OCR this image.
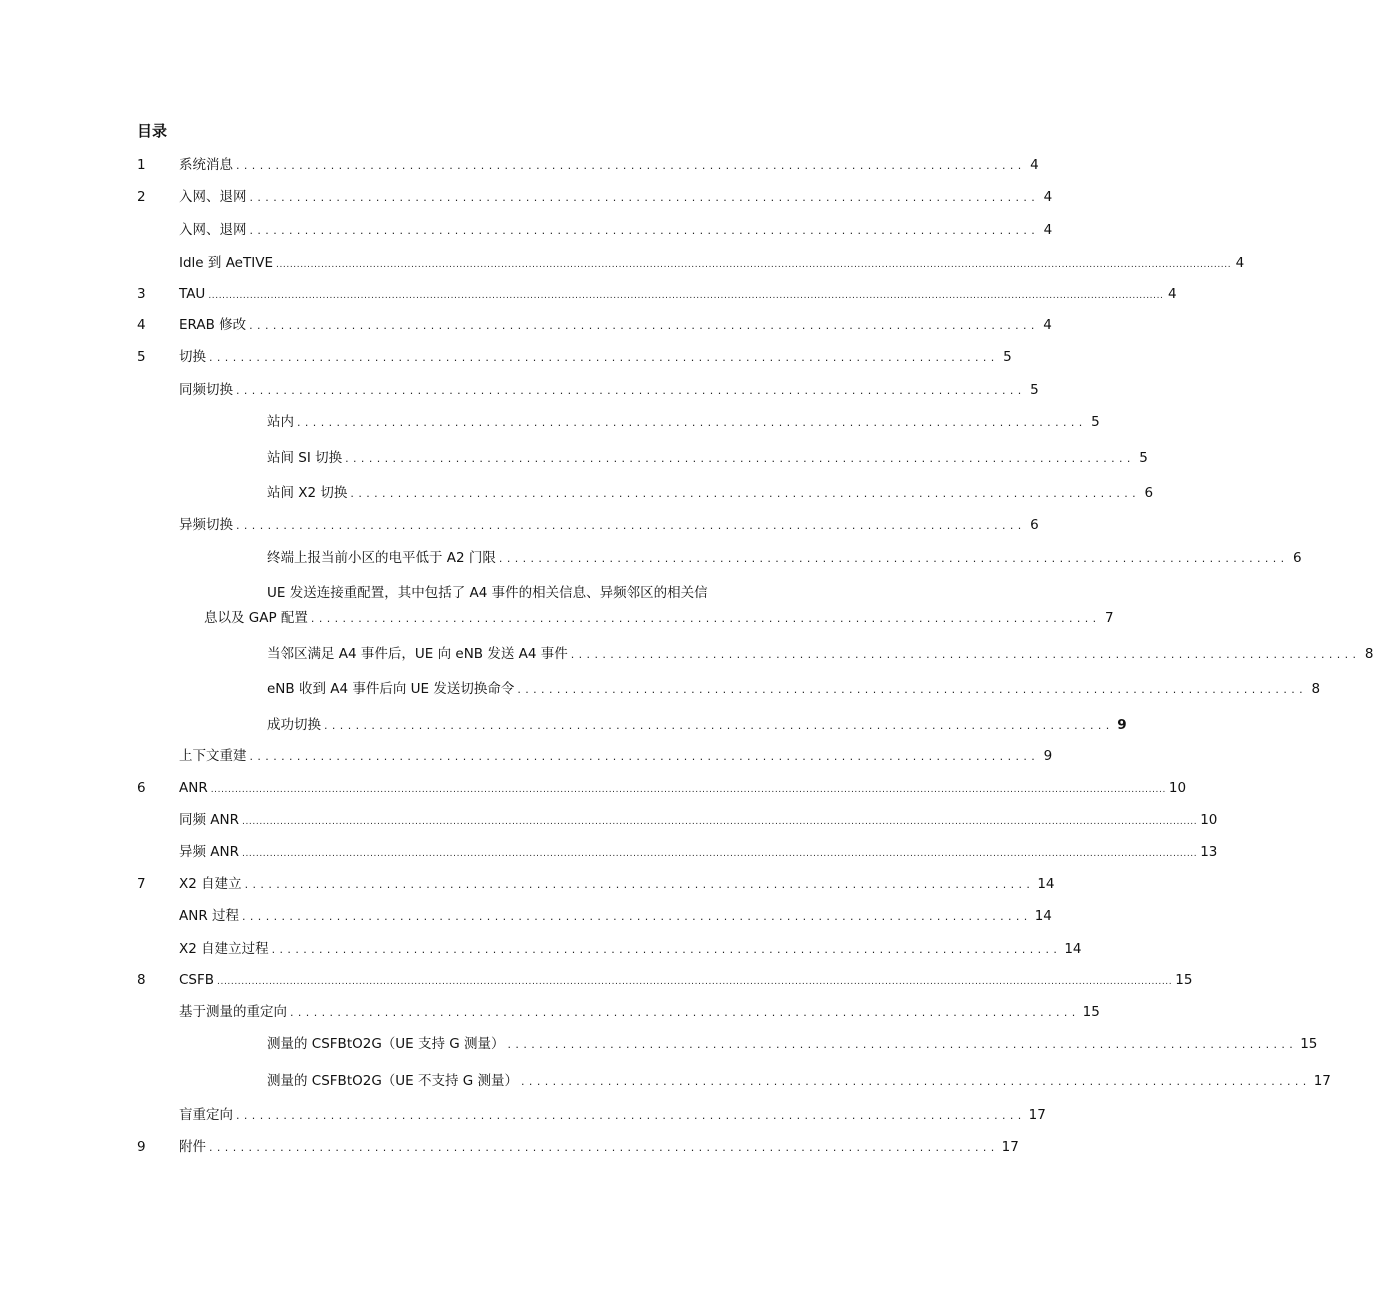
目录
1 系统消息 .................................................................................................... 4
2 入网、退网 .................................................................................................... 4
入网、退网 .................................................................................................... 4
Idle 到 AeTIVE .................................................................................................................................................................................................................................................................................... 4
3 TAU .................................................................................................................................................................................................................................................................................... 4
4 ERAB 修改 .................................................................................................... 4
5 切换 .................................................................................................... 5
同频切换 .................................................................................................... 5
站内 .................................................................................................... 5
站间 SI 切换 .................................................................................................... 5
站间 X2 切换 .................................................................................................... 6
异频切换 .................................................................................................... 6
终端上报当前小区的电平低于 A2 门限 .................................................................................................... 6
UE 发送连接重配置，其中包括了 A4 事件的相关信息、异频邻区的相关信
息以及 GAP 配置 .................................................................................................... 7
当邻区满足 A4 事件后，UE 向 eNB 发送 A4 事件 .................................................................................................... 8
eNB 收到 A4 事件后向 UE 发送切换命令 .................................................................................................... 8
成功切换 .................................................................................................... 9
上下文重建 .................................................................................................... 9
6 ANR .................................................................................................................................................................................................................................................................................... 10
同频 ANR .................................................................................................................................................................................................................................................................................... 10
异频 ANR .................................................................................................................................................................................................................................................................................... 13
7 X2 自建立 .................................................................................................... 14
ANR 过程 .................................................................................................... 14
X2 自建立过程 .................................................................................................... 14
8 CSFB .................................................................................................................................................................................................................................................................................... 15
基于测量的重定向 .................................................................................................... 15
测量的 CSFBtO2G（UE 支持 G 测量） .................................................................................................... 15
测量的 CSFBtO2G（UE 不支持 G 测量） .................................................................................................... 17
盲重定向 .................................................................................................... 17
9 附件 .................................................................................................... 17
